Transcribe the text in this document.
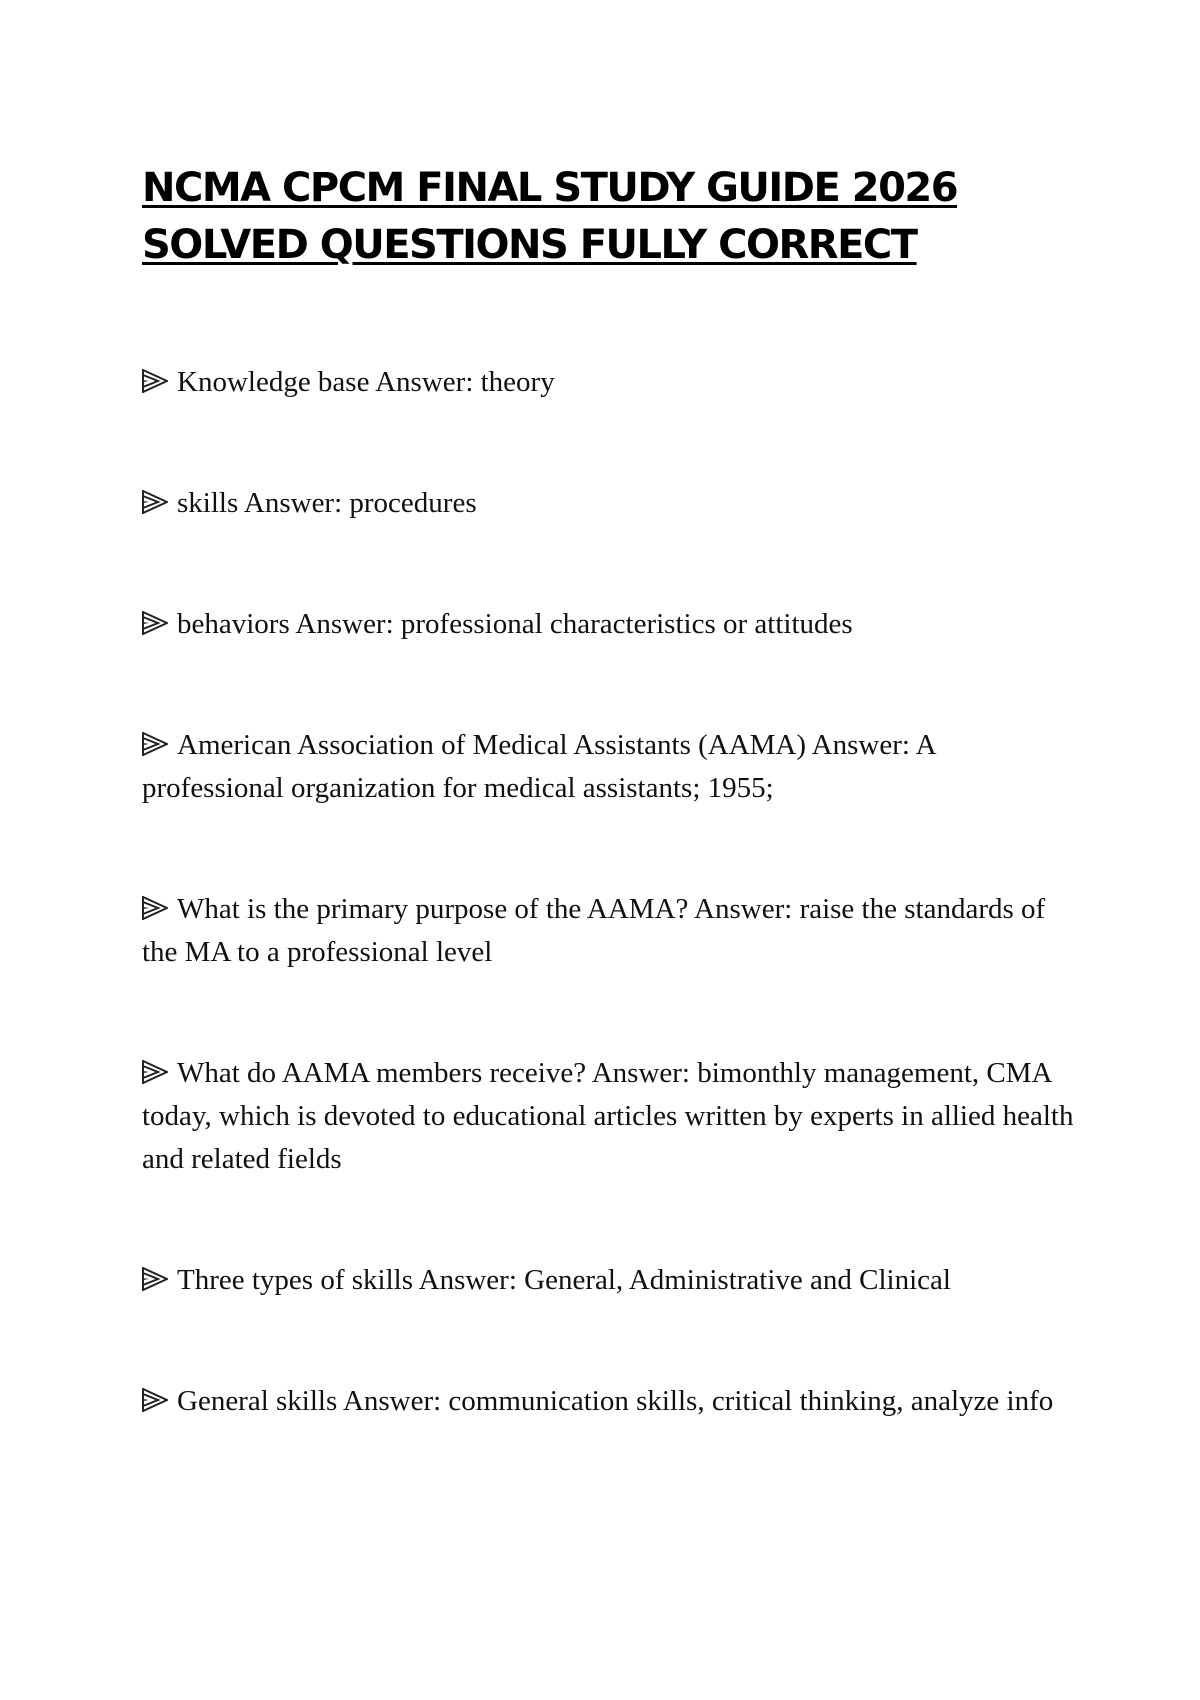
NCMA CPCM FINAL STUDY GUIDE 2026
SOLVED QUESTIONS FULLY CORRECT

Knowledge base Answer: theory

skills Answer: procedures

behaviors Answer: professional characteristics or attitudes

American Association of Medical Assistants (AAMA) Answer: A professional organization for medical assistants; 1955;

What is the primary purpose of the AAMA? Answer: raise the standards of the MA to a professional level

What do AAMA members receive? Answer: bimonthly management, CMA today, which is devoted to educational articles written by experts in allied health and related fields

Three types of skills Answer: General, Administrative and Clinical

General skills Answer: communication skills, critical thinking, analyze info
